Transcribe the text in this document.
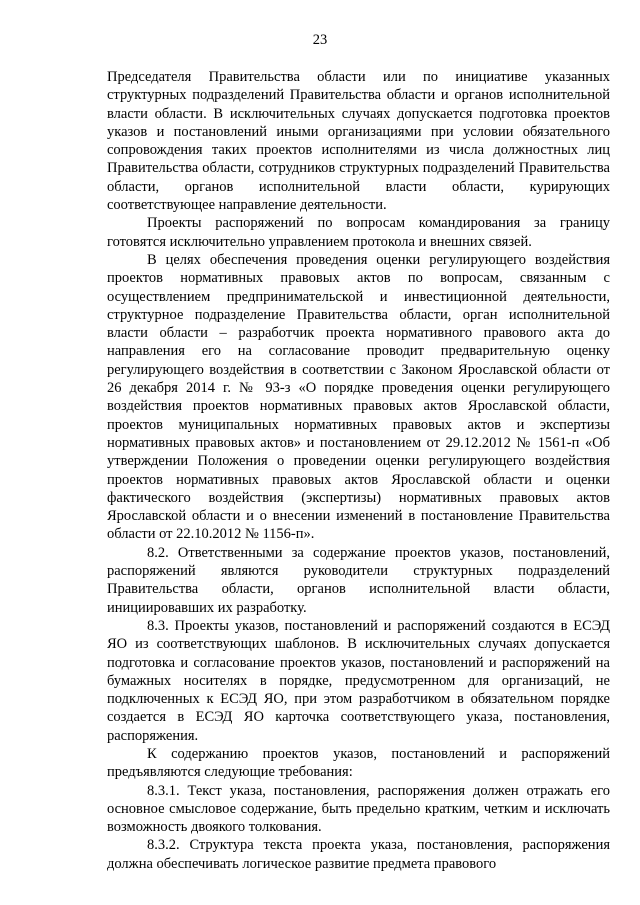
23

Председателя Правительства области или по инициативе указанных структурных подразделений Правительства области и органов исполнительной власти области. В исключительных случаях допускается подготовка проектов указов и постановлений иными организациями при условии обязательного сопровождения таких проектов исполнителями из числа должностных лиц Правительства области, сотрудников структурных подразделений Правительства области, органов исполнительной власти области, курирующих соответствующее направление деятельности.

Проекты распоряжений по вопросам командирования за границу готовятся исключительно управлением протокола и внешних связей.

В целях обеспечения проведения оценки регулирующего воздействия проектов нормативных правовых актов по вопросам, связанным с осуществлением предпринимательской и инвестиционной деятельности, структурное подразделение Правительства области, орган исполнительной власти области – разработчик проекта нормативного правового акта до направления его на согласование проводит предварительную оценку регулирующего воздействия в соответствии с Законом Ярославской области от 26 декабря 2014 г. № 93-з «О порядке проведения оценки регулирующего воздействия проектов нормативных правовых актов Ярославской области, проектов муниципальных нормативных правовых актов и экспертизы нормативных правовых актов» и постановлением от 29.12.2012 № 1561-п «Об утверждении Положения о проведении оценки регулирующего воздействия проектов нормативных правовых актов Ярославской области и оценки фактического воздействия (экспертизы) нормативных правовых актов Ярославской области и о внесении изменений в постановление Правительства области от 22.10.2012 № 1156-п».

8.2. Ответственными за содержание проектов указов, постановлений, распоряжений являются руководители структурных подразделений Правительства области, органов исполнительной власти области, инициировавших их разработку.

8.3. Проекты указов, постановлений и распоряжений создаются в ЕСЭД ЯО из соответствующих шаблонов. В исключительных случаях допускается подготовка и согласование проектов указов, постановлений и распоряжений на бумажных носителях в порядке, предусмотренном для организаций, не подключенных к ЕСЭД ЯО, при этом разработчиком в обязательном порядке создается в ЕСЭД ЯО карточка соответствующего указа, постановления, распоряжения.

К содержанию проектов указов, постановлений и распоряжений предъявляются следующие требования:

8.3.1. Текст указа, постановления, распоряжения должен отражать его основное смысловое содержание, быть предельно кратким, четким и исключать возможность двоякого толкования.

8.3.2. Структура текста проекта указа, постановления, распоряжения должна обеспечивать логическое развитие предмета правового
